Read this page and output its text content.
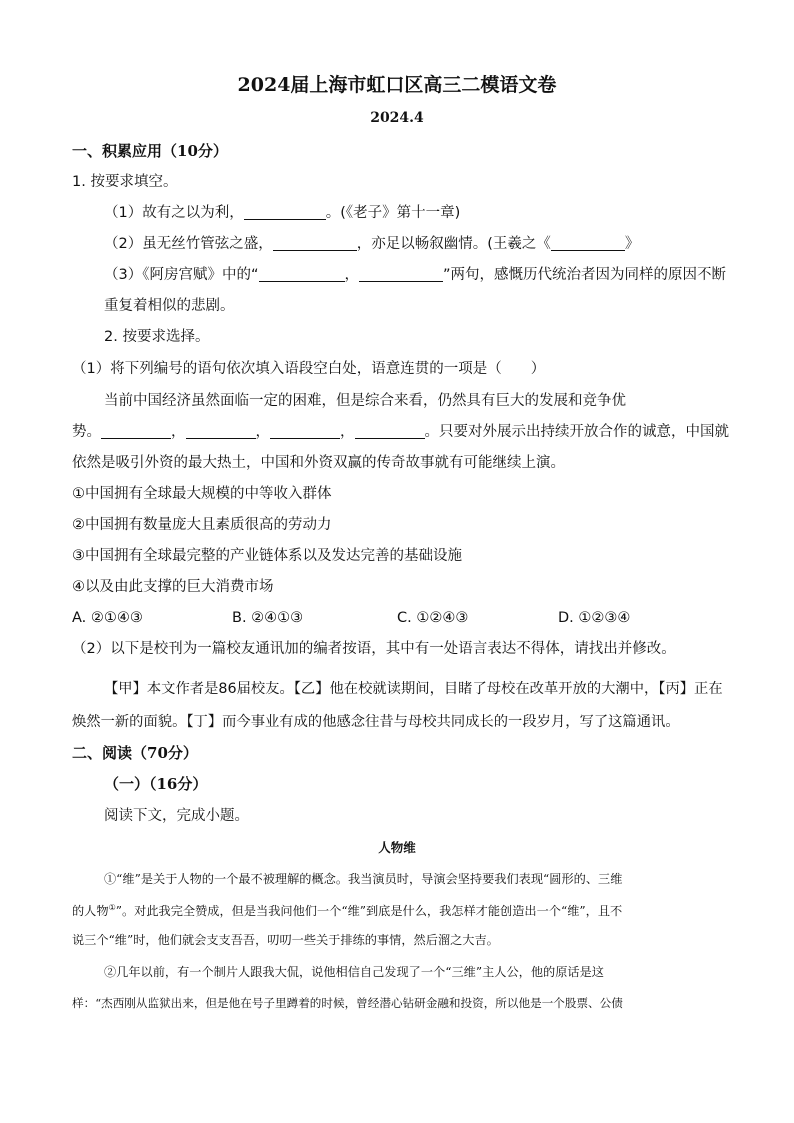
2024届上海市虹口区高三二模语文卷
2024.4
一、积累应用（10分）
1. 按要求填空。
（1）故有之以为利，	。(《老子》第十一章)
（2）虽无丝竹管弦之盛，	，亦足以畅叙幽情。(王羲之《	》
（3）《阿房宫赋》中的“	，	”两句，感慨历代统治者因为同样的原因不断
重复着相似的悲剧。
2. 按要求选择。
（1）将下列编号的语句依次填入语段空白处，语意连贯的一项是（　　）
当前中国经济虽然面临一定的困难，但是综合来看，仍然具有巨大的发展和竞争优
势。	，	，	，	。只要对外展示出持续开放合作的诚意，中国就
依然是吸引外资的最大热土，中国和外资双赢的传奇故事就有可能继续上演。
①中国拥有全球最大规模的中等收入群体
②中国拥有数量庞大且素质很高的劳动力
③中国拥有全球最完整的产业链体系以及发达完善的基础设施
④以及由此支撑的巨大消费市场
A. ②①④③	B. ②④①③	C. ①②④③	D. ①②③④
（2）以下是校刊为一篇校友通讯加的编者按语，其中有一处语言表达不得体，请找出并修改。
【甲】本文作者是86届校友。【乙】他在校就读期间，目睹了母校在改革开放的大潮中，【丙】正在
焕然一新的面貌。【丁】而今事业有成的他感念往昔与母校共同成长的一段岁月，写了这篇通讯。
二、阅读（70分）
（一）（16分）
阅读下文，完成小题。
人物维
①“维”是关于人物的一个最不被理解的概念。我当演员时，导演会坚持要我们表现“圆形的、三维
的人物①”。对此我完全赞成，但是当我问他们一个“维”到底是什么，我怎样才能创造出一个“维”，且不
说三个“维”时，他们就会支支吾吾，叨叨一些关于排练的事情，然后溜之大吉。
②几年以前，有一个制片人跟我大侃，说他相信自己发现了一个“三维”主人公，他的原话是这
样：“杰西刚从监狱出来，但是他在号子里蹲着的时候，曾经潜心钻研金融和投资，所以他是一个股票、公债
